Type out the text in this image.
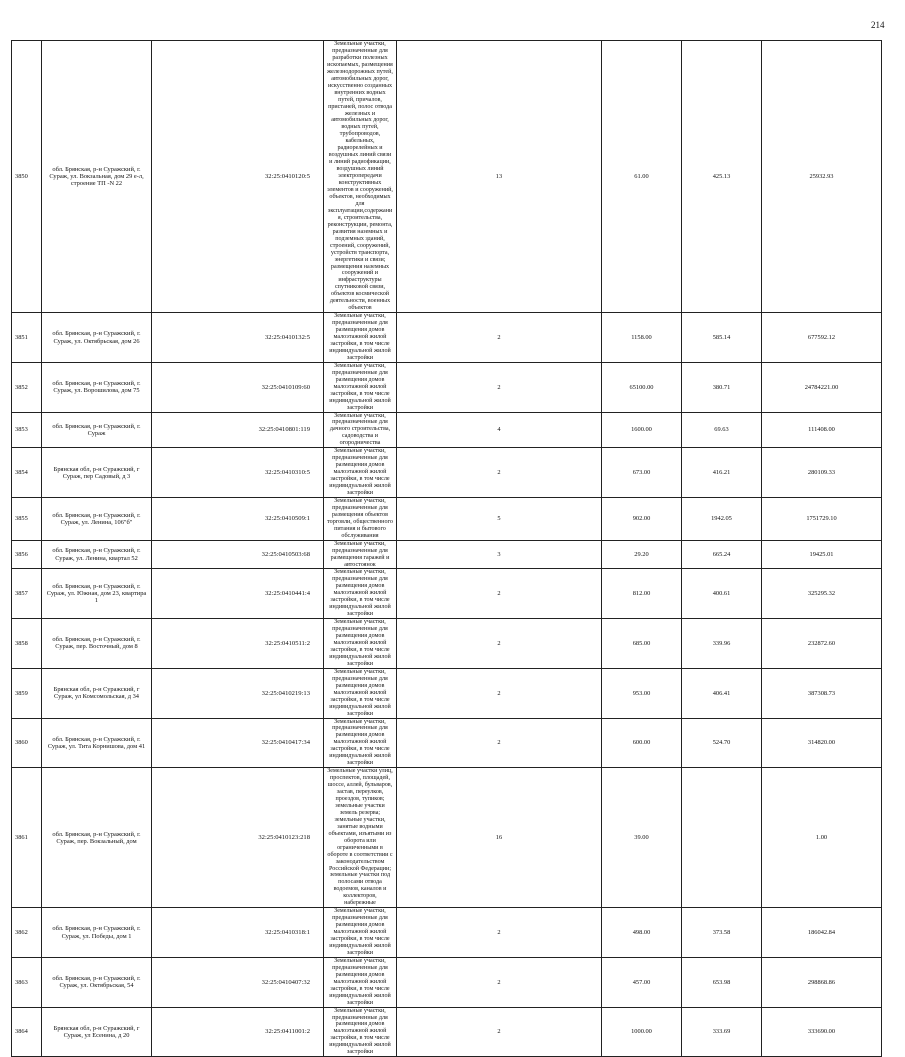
214
3850	обл. Брянская, р-н Суражский, г. Сураж, ул. Вокзальная, дом 29 е-л, строение ТП -N 22	32:25:0410120:5	Земельные участки, предназначенные для разработки полезных ископаемых, размещения железнодорожных путей, автомобильных дорог, искусственно созданных внутренних водных путей, причалов, пристаней, полос отвода железных и автомобильных дорог, водных путей, трубопроводов, кабельных, радиорелейных и воздушных линий связи и линий радиофикации, воздушных линий электропередачи конструктивных элементов и сооружений, объектов, необходимых для эксплуатации,содержания, строительства, реконструкции, ремонта, развития наземных и подземных зданий, строений, сооружений, устройств транспорта, энергетики и связи; размещения наземных сооружений и инфраструктуры спутниковой связи, объектов космической деятельности, военных объектов	13	61.00	425.13	25932.93
3851	обл. Брянская, р-н Суражский, г. Сураж, ул. Октябрьская, дом 26	32:25:0410132:5	Земельные участки, предназначенные для размещения домов малоэтажной жилой застройки, в том числе индивидуальной жилой застройки	2	1158.00	585.14	677592.12
3852	обл. Брянская, р-н Суражский, г. Сураж, ул. Ворошилова, дом 75	32:25:0410109:60	Земельные участки, предназначенные для размещения домов малоэтажной жилой застройки, в том числе индивидуальной жилой застройки	2	65100.00	380.71	24784221.00
3853	обл. Брянская, р-н Суражский, г. Сураж	32:25:0410801:119	Земельные участки, предназначенные для дачного строительства, садоводства и огородничества	4	1600.00	69.63	111408.00
3854	Брянская обл, р-н Суражский, г Сураж, пер Садовый, д 3	32:25:0410310:5	Земельные участки, предназначенные для размещения домов малоэтажной жилой застройки, в том числе индивидуальной жилой застройки	2	673.00	416.21	280109.33
3855	обл. Брянская, р-н Суражский, г. Сураж, ул. Ленина, 106"б"	32:25:0410509:1	Земельные участки, предназначенные для размещения объектов торговли, общественного питания и бытового обслуживания	5	902.00	1942.05	1751729.10
3856	обл. Брянская, р-н Суражский, г. Сураж, ул. Ленина, квартал 52	32:25:0410503:68	Земельные участки, предназначенные для размещения гаражей и автостоянок	3	29.20	665.24	19425.01
3857	обл. Брянская, р-н Суражский, г. Сураж, ул. Южная, дом 23, квартира 1	32:25:0410441:4	Земельные участки, предназначенные для размещения домов малоэтажной жилой застройки, в том числе индивидуальной жилой застройки	2	812.00	400.61	325295.32
3858	обл. Брянская, р-н Суражский, г. Сураж, пер. Восточный, дом 8	32:25:0410511:2	Земельные участки, предназначенные для размещения домов малоэтажной жилой застройки, в том числе индивидуальной жилой застройки	2	685.00	339.96	232872.60
3859	Брянская обл, р-н Суражский, г Сураж, ул Комсомольская, д 34	32:25:0410219:13	Земельные участки, предназначенные для размещения домов малоэтажной жилой застройки, в том числе индивидуальной жилой застройки	2	953.00	406.41	387308.73
3860	обл. Брянская, р-н Суражский, г. Сураж, ул. Тита Корнишова, дом 41	32:25:0410417:34	Земельные участки, предназначенные для размещения домов малоэтажной жилой застройки, в том числе индивидуальной жилой застройки	2	600.00	524.70	314820.00
3861	обл. Брянская, р-н Суражский, г. Сураж, пер. Вокзальный, дом	32:25:0410123:218	Земельные участки улиц, проспектов, площадей, шоссе, аллей, бульваров, застав, переулков, проездов, тупиков; земельные участки земель резерва; земельные участки, занятые водными объектами, изъятыми из оборота или ограниченными в обороте в соответствии с законодательством Российской Федерации; земельные участки под полосами отвода водоемов, каналов и коллекторов, набережные	16	39.00		1.00
3862	обл. Брянская, р-н Суражский, г. Сураж, ул. Победы, дом 1	32:25:0410318:1	Земельные участки, предназначенные для размещения домов малоэтажной жилой застройки, в том числе индивидуальной жилой застройки	2	498.00	373.58	186042.84
3863	обл. Брянская, р-н Суражский, г. Сураж, ул. Октябрьская, 54	32:25:0410407:32	Земельные участки, предназначенные для размещения домов малоэтажной жилой застройки, в том числе индивидуальной жилой застройки	2	457.00	653.98	298868.86
3864	Брянская обл, р-н Суражский, г Сураж, ул Есенина, д 20	32:25:0411001:2	Земельные участки, предназначенные для размещения домов малоэтажной жилой застройки, в том числе индивидуальной жилой застройки	2	1000.00	333.69	333690.00
